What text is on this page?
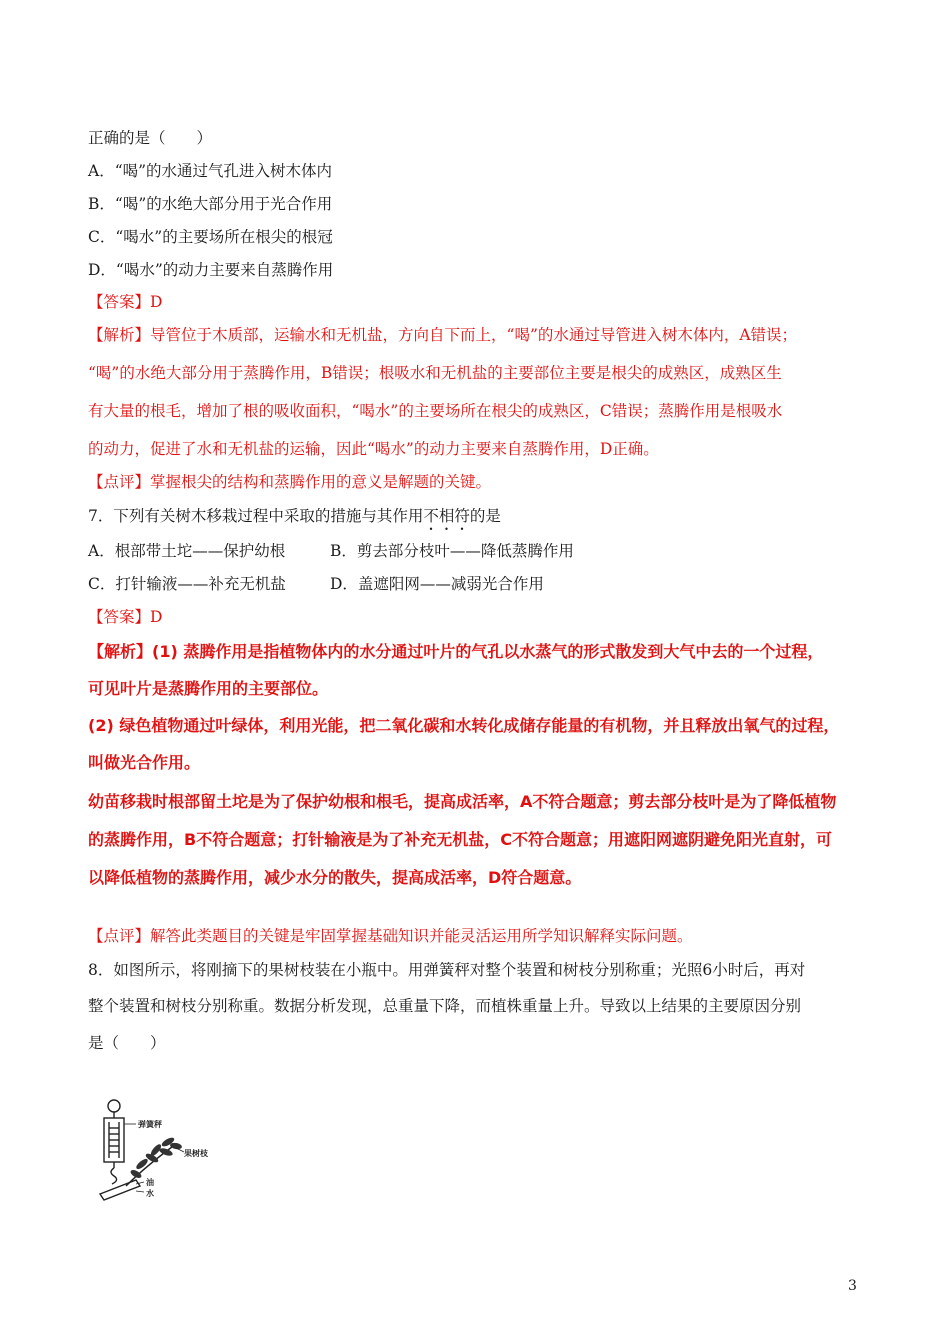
正确的是（　　）
A．“喝”的水通过气孔进入树木体内
B．“喝”的水绝大部分用于光合作用
C．“喝水”的主要场所在根尖的根冠
D．“喝水”的动力主要来自蒸腾作用
【答案】D
【解析】导管位于木质部，运输水和无机盐，方向自下而上，“喝”的水通过导管进入树木体内，A错误；
“喝”的水绝大部分用于蒸腾作用，B错误；根吸水和无机盐的主要部位主要是根尖的成熟区，成熟区生
有大量的根毛，增加了根的吸收面积，“喝水”的主要场所在根尖的成熟区，C错误；蒸腾作用是根吸水
的动力，促进了水和无机盐的运输，因此“喝水”的动力主要来自蒸腾作用，D正确。
【点评】掌握根尖的结构和蒸腾作用的意义是解题的关键。
7．下列有关树木移栽过程中采取的措施与其作用不相符的是
A．根部带土坨——保护幼根	B．剪去部分枝叶——降低蒸腾作用
C．打针输液——补充无机盐	D．盖遮阳网——减弱光合作用
【答案】D
【解析】(1) 蒸腾作用是指植物体内的水分通过叶片的气孔以水蒸气的形式散发到大气中去的一个过程，
可见叶片是蒸腾作用的主要部位。
(2) 绿色植物通过叶绿体，利用光能，把二氧化碳和水转化成储存能量的有机物，并且释放出氧气的过程，
叫做光合作用。
幼苗移栽时根部留土坨是为了保护幼根和根毛，提高成活率，A不符合题意；剪去部分枝叶是为了降低植物
的蒸腾作用，B不符合题意；打针输液是为了补充无机盐，C不符合题意；用遮阳网遮阴避免阳光直射，可
以降低植物的蒸腾作用，减少水分的散失，提高成活率，D符合题意。
【点评】解答此类题目的关键是牢固掌握基础知识并能灵活运用所学知识解释实际问题。
8．如图所示，将刚摘下的果树枝装在小瓶中。用弹簧秤对整个装置和树枝分别称重；光照6小时后，再对
整个装置和树枝分别称重。数据分析发现，总重量下降，而植株重量上升。导致以上结果的主要原因分别
是（　　）
弹簧秤
果树枝
油
水
3
